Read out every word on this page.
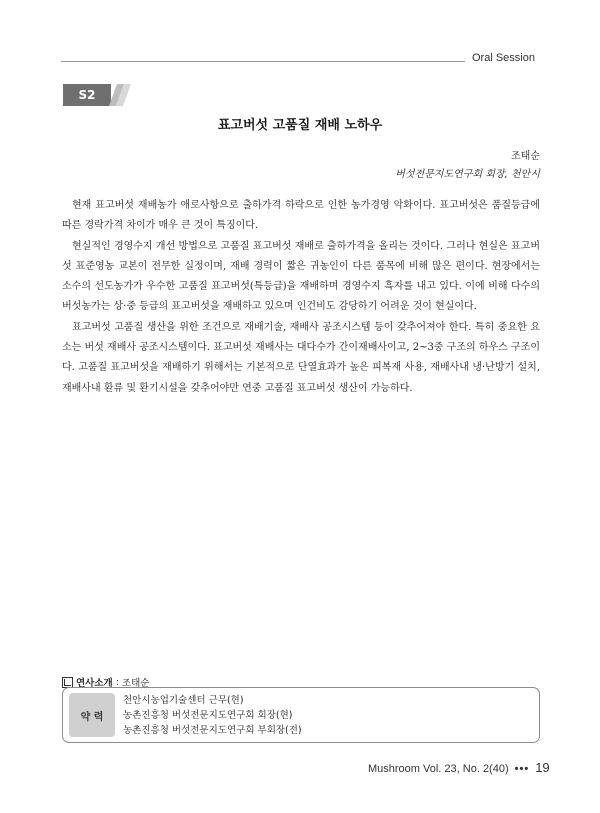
Oral Session
S2
표고버섯 고품질 재배 노하우
조태순
버섯전문지도연구회 회장, 천안시

현재 표고버섯 재배농가 애로사항으로 출하가격 하락으로 인한 농가경영 악화이다. 표고버섯은 품질등급에 따른 경락가격 차이가 매우 큰 것이 특징이다.

현실적인 경영수지 개선 방법으로 고품질 표고버섯 재배로 출하가격을 올리는 것이다. 그러나 현실은 표고버섯 표준영농 교본이 전무한 실정이며, 재배 경력이 짧은 귀농인이 다른 품목에 비해 많은 편이다. 현장에서는 소수의 선도농가가 우수한 고품질 표고버섯(특등급)을 재배하며 경영수지 흑자를 내고 있다. 이에 비해 다수의 버섯농가는 상·중 등급의 표고버섯을 재배하고 있으며 인건비도 감당하기 어려운 것이 현실이다.

표고버섯 고품질 생산을 위한 조건으로 재배기술, 재배사 공조시스템 등이 갖추어져야 한다. 특히 중요한 요소는 버섯 재배사 공조시스템이다. 표고버섯 재배사는 대다수가 간이재배사이고, 2~3중 구조의 하우스 구조이다. 고품질 표고버섯을 재배하기 위해서는 기본적으로 단열효과가 높은 피복재 사용, 재배사내 냉·난방기 설치, 재배사내 환류 및 환기시설을 갖추어야만 연중 고품질 표고버섯 생산이 가능하다.

연사소개 : 조태순
약 력
천안시농업기술센터 근무(현)
농촌진흥청 버섯전문지도연구회 회장(현)
농촌진흥청 버섯전문지도연구회 부회장(전)
Mushroom Vol. 23, No. 2(40) ••• 19
